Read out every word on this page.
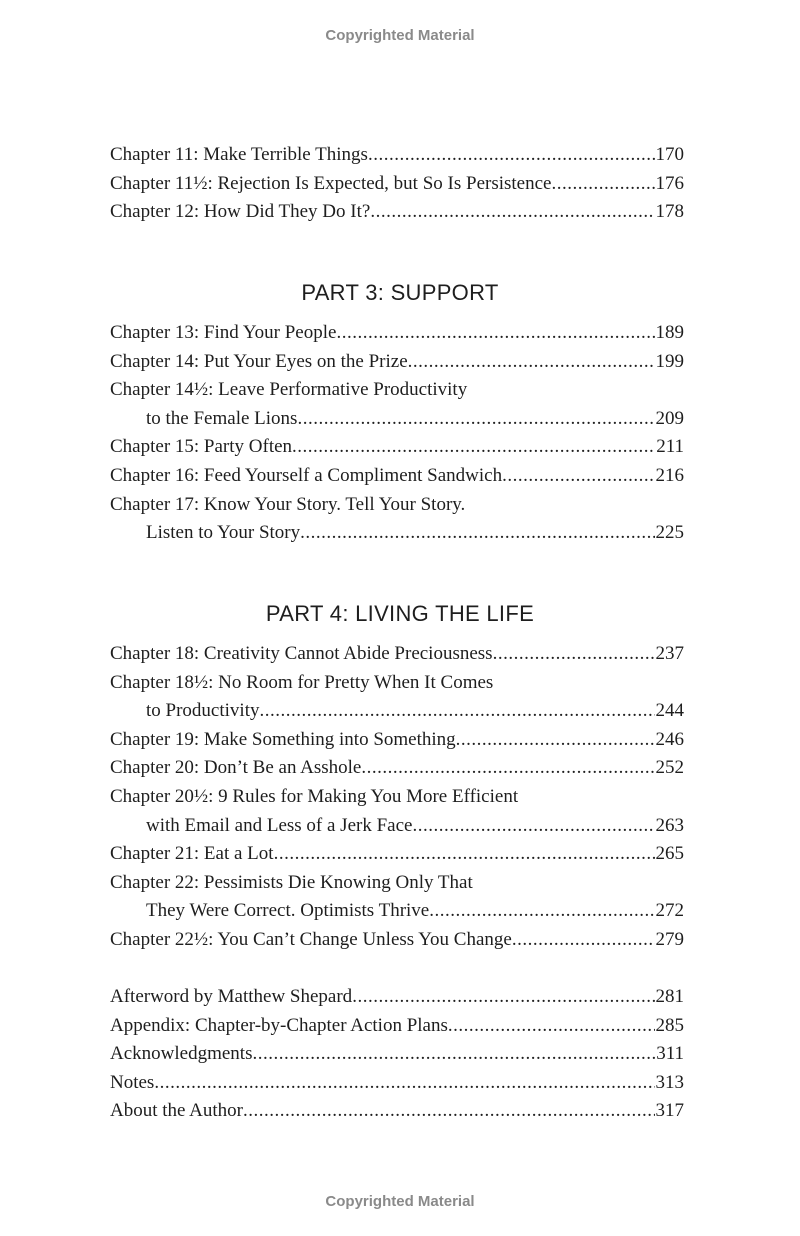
Copyrighted Material
Chapter 11: Make Terrible Things .....	170
Chapter 11½: Rejection Is Expected, but So Is Persistence .....	176
Chapter 12: How Did They Do It? .....	178
PART 3: SUPPORT
Chapter 13: Find Your People .....	189
Chapter 14: Put Your Eyes on the Prize .....	199
Chapter 14½: Leave Performative Productivity
to the Female Lions .....	209
Chapter 15: Party Often .....	211
Chapter 16: Feed Yourself a Compliment Sandwich .....	216
Chapter 17: Know Your Story. Tell Your Story.
Listen to Your Story .....	225
PART 4: LIVING THE LIFE
Chapter 18: Creativity Cannot Abide Preciousness .....	237
Chapter 18½: No Room for Pretty When It Comes
to Productivity .....	244
Chapter 19: Make Something into Something .....	246
Chapter 20: Don’t Be an Asshole .....	252
Chapter 20½: 9 Rules for Making You More Efficient
with Email and Less of a Jerk Face .....	263
Chapter 21: Eat a Lot .....	265
Chapter 22: Pessimists Die Knowing Only That
They Were Correct. Optimists Thrive .....	272
Chapter 22½: You Can’t Change Unless You Change .....	279
Afterword by Matthew Shepard .....	281
Appendix: Chapter-by-Chapter Action Plans .....	285
Acknowledgments .....	311
Notes .....	313
About the Author .....	317
Copyrighted Material
